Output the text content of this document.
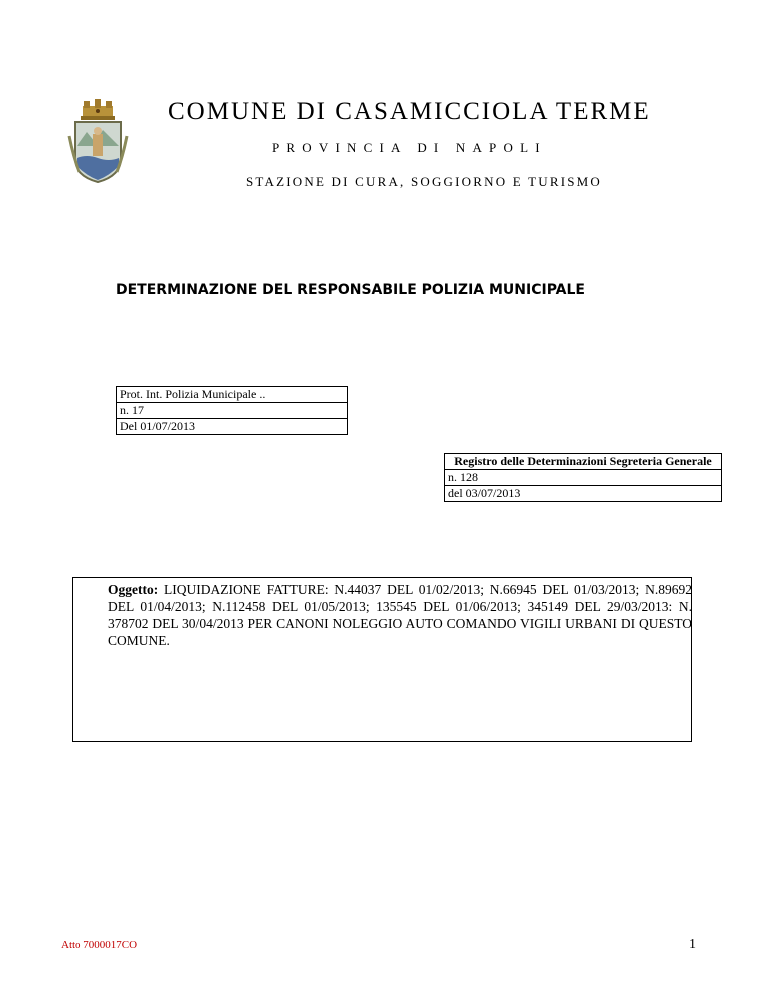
COMUNE DI CASAMICCIOLA TERME
PROVINCIA DI NAPOLI
STAZIONE DI CURA, SOGGIORNO E TURISMO
DETERMINAZIONE DEL RESPONSABILE POLIZIA MUNICIPALE
Prot. Int. Polizia Municipale ..
n. 17
Del 01/07/2013
Registro delle Determinazioni Segreteria Generale
n. 128
del 03/07/2013

Oggetto: LIQUIDAZIONE FATTURE: N.44037 DEL 01/02/2013; N.66945 DEL 01/03/2013; N.89692 DEL 01/04/2013; N.112458 DEL 01/05/2013; 135545 DEL 01/06/2013; 345149 DEL 29/03/2013: N. 378702 DEL 30/04/2013 PER CANONI NOLEGGIO AUTO COMANDO VIGILI URBANI DI QUESTO COMUNE.

Atto 7000017CO	1
